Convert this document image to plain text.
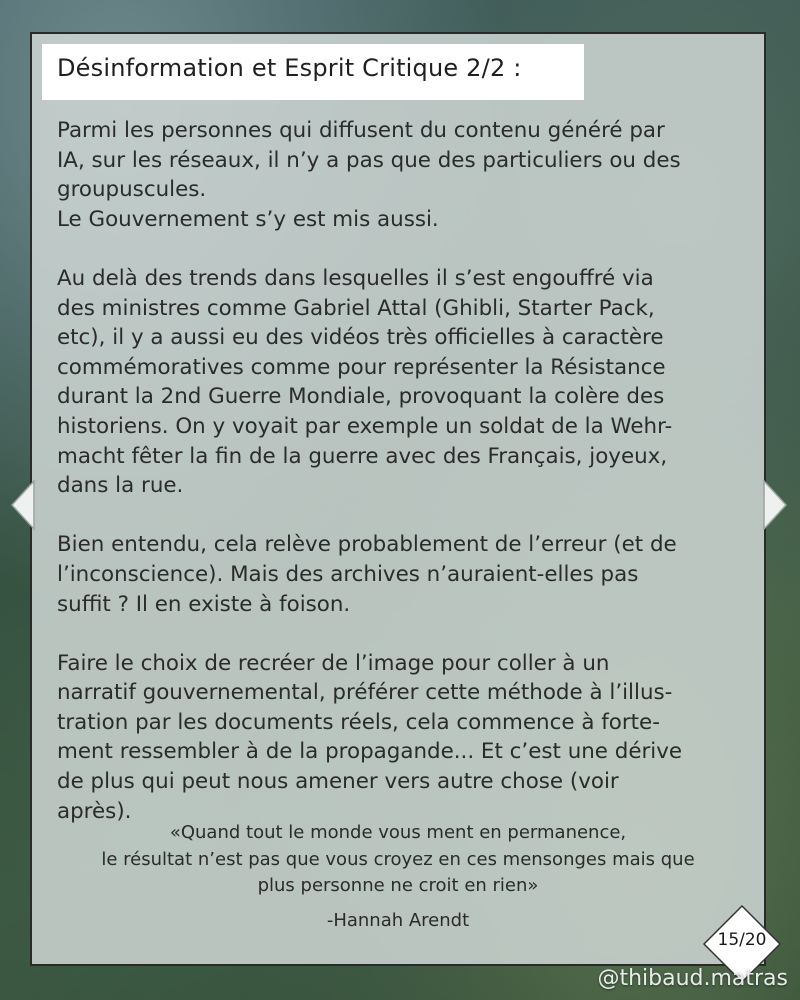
Désinformation et Esprit Critique 2/2 :

Parmi les personnes qui diffusent du contenu généré par
IA, sur les réseaux, il n’y a pas que des particuliers ou des
groupuscules.
Le Gouvernement s’y est mis aussi.

Au delà des trends dans lesquelles il s’est engouffré via
des ministres comme Gabriel Attal (Ghibli, Starter Pack,
etc), il y a aussi eu des vidéos très officielles à caractère
commémoratives comme pour représenter la Résistance
durant la 2nd Guerre Mondiale, provoquant la colère des
historiens. On y voyait par exemple un soldat de la Wehr-
macht fêter la fin de la guerre avec des Français, joyeux,
dans la rue.

Bien entendu, cela relève probablement de l’erreur (et de
l’inconscience). Mais des archives n’auraient-elles pas
suffit ? Il en existe à foison.

Faire le choix de recréer de l’image pour coller à un
narratif gouvernemental, préférer cette méthode à l’illus-
tration par les documents réels, cela commence à forte-
ment ressembler à de la propagande... Et c’est une dérive
de plus qui peut nous amener vers autre chose (voir
après).

«Quand tout le monde vous ment en permanence,
le résultat n’est pas que vous croyez en ces mensonges mais que
plus personne ne croit en rien»
-Hannah Arendt
15/20
@thibaud.matras
